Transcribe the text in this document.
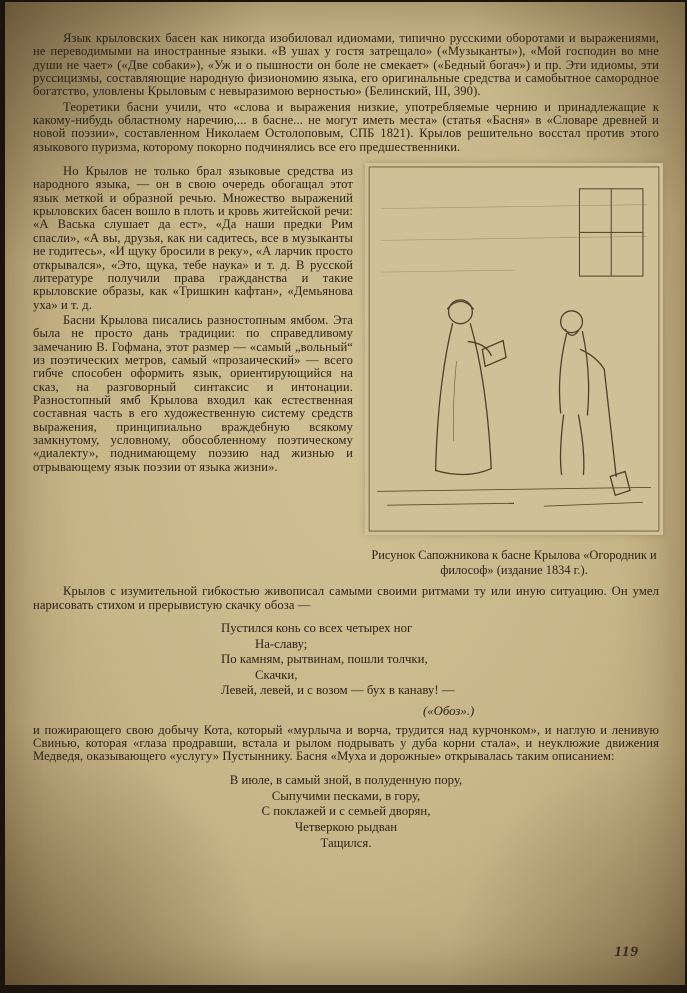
Язык крыловских басен как никогда изобиловал идиомами, типично русскими оборотами и выражениями, не переводимыми на иностранные языки. «В ушах у гостя затрещало» («Музыканты»), «Мой господин во мне души не чает» («Две собаки»), «Уж и о пышности он боле не смекает» («Бедный богач») и пр. Эти идиомы, эти руссицизмы, составляющие народную физиономию языка, его оригинальные средства и самобытное самородное богатство, уловлены Крыловым с невыразимою верностью» (Белинский, III, 390).

Теоретики басни учили, что «слова и выражения низкие, употребляемые чернию и принадлежащие к какому-нибудь областному наречию,... в басне... не могут иметь места» (статья «Басня» в «Словаре древней и новой поэзии», составленном Николаем Остолоповым, СПБ 1821). Крылов решительно восстал против этого языкового пуризма, которому покорно подчинялись все его предшественники.

Но Крылов не только брал языковые средства из народного языка, — он в свою очередь обогащал этот язык меткой и образной речью. Множество выражений крыловских басен вошло в плоть и кровь житейской речи: «А Васька слушает да ест», «Да наши предки Рим спасли», «А вы, друзья, как ни садитесь, все в музыканты не годитесь», «И щуку бросили в реку», «А ларчик просто открывался», «Это, щука, тебе наука» и т. д. В русской литературе получили права гражданства и такие крыловские образы, как «Тришкин кафтан», «Демьянова уха» и т. д.

Басни Крылова писались разностопным ямбом. Эта была не просто дань традиции: по справедливому замечанию В. Гофмана, этот размер — «самый „вольный“ из поэтических метров, самый «прозаический» — всего гибче способен оформить язык, ориентирующийся на сказ, на разговорный синтаксис и интонации. Разностопный ямб Крылова входил как естественная составная часть в его художественную систему средств выражения, принципиально враждебную всякому замкнутому, условному, обособленному поэтическому «диалекту», поднимающему поэзию над жизнью и отрывающему язык поэзии от языка жизни».

Рисунок Сапожникова к басне Крылова «Огородник и философ» (издание 1834 г.).

Крылов с изумительной гибкостью живописал самыми своими ритмами ту или иную ситуацию. Он умел нарисовать стихом и прерывистую скачку обоза —

Пустился конь со всех четырех ног
На-славу;
По камням, рытвинам, пошли толчки,
Скачки,
Левей, левей, и с возом — бух в канаву! —
(«Обоз».)

и пожирающего свою добычу Кота, который «мурлыча и ворча, трудится над курчонком», и наглую и ленивую Свинью, которая «глаза продравши, встала и рылом подрывать у дуба корни стала», и неуклюжие движения Медведя, оказывающего «услугу» Пустыннику. Басня «Муха и дорожные» открывалась таким описанием:

В июле, в самый зной, в полуденную пору,
Сыпучими песками, в гору,
С поклажей и с семьей дворян,
Четверкою рыдван
Тащился.
119
